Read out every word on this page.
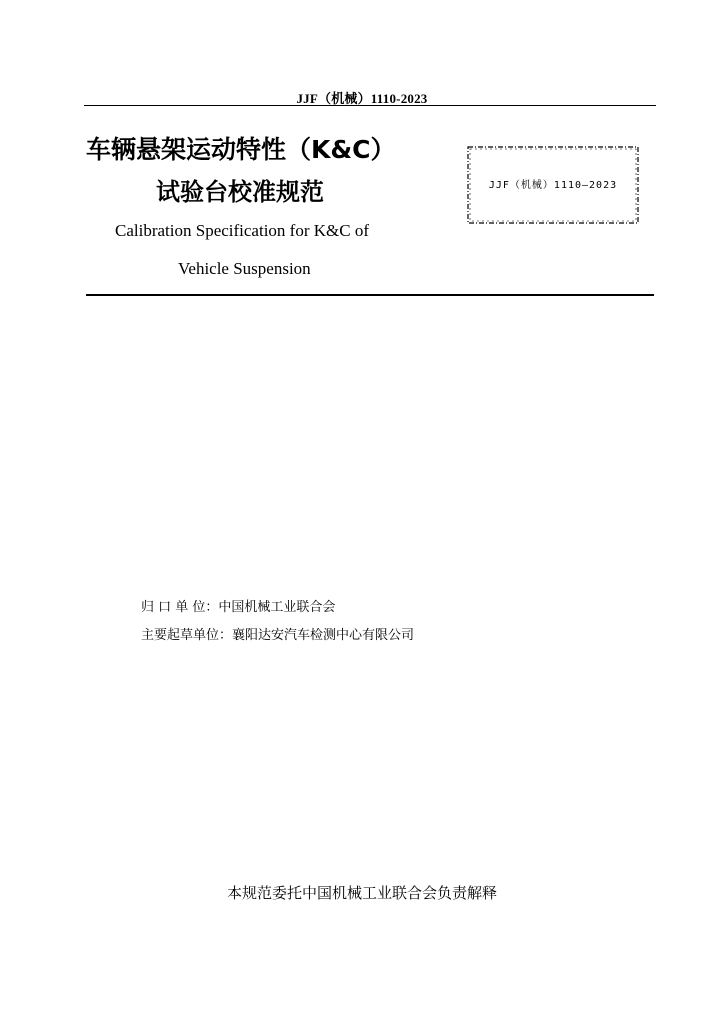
JJF（机械）1110-2023
车辆悬架运动特性（K&C）
试验台校准规范
Calibration Specification for K&C of
Vehicle Suspension
JJF（机械）1110—2023
归 口 单 位：中国机械工业联合会
主要起草单位：襄阳达安汽车检测中心有限公司
本规范委托中国机械工业联合会负责解释
